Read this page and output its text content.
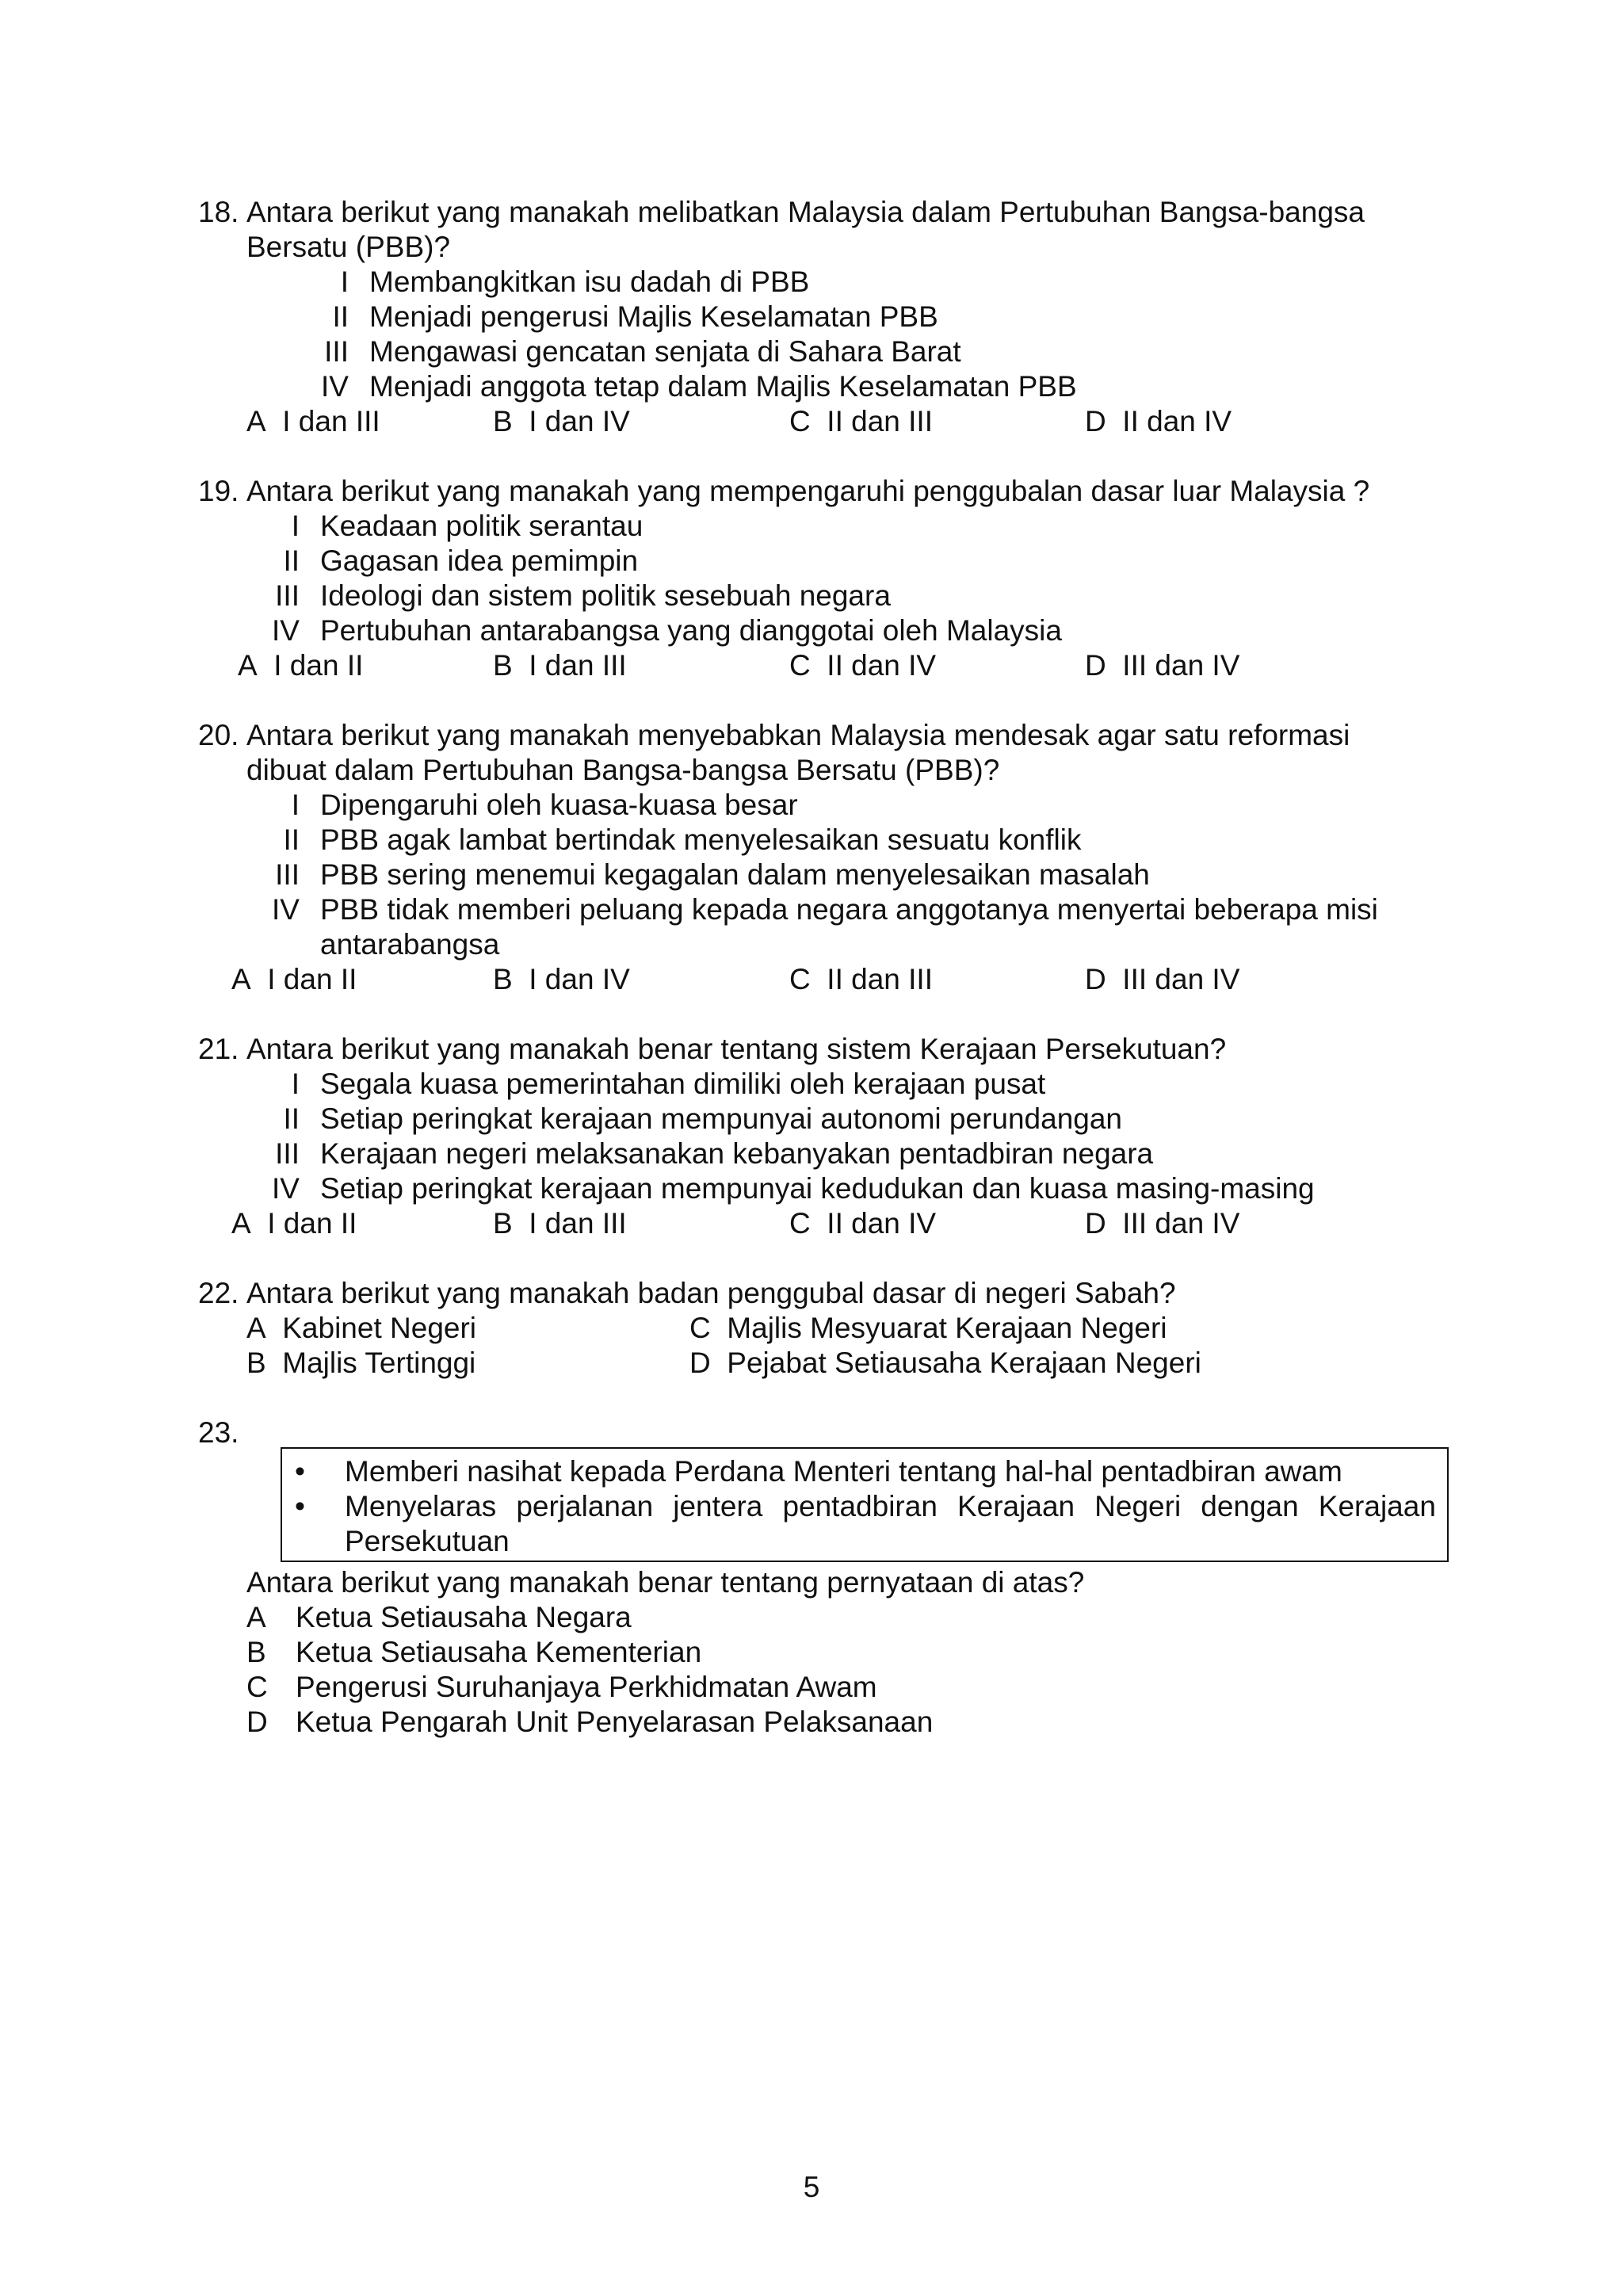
18. Antara berikut yang manakah melibatkan Malaysia dalam Pertubuhan Bangsa-bangsa
Bersatu (PBB)?
I Membangkitkan isu dadah di PBB
II Menjadi pengerusi Majlis Keselamatan PBB
III Mengawasi gencatan senjata di Sahara Barat
IV Menjadi anggota tetap dalam Majlis Keselamatan PBB
A I dan III	B I dan IV	C II dan III	D II dan IV
19. Antara berikut yang manakah yang mempengaruhi penggubalan dasar luar Malaysia ?
I Keadaan politik serantau
II Gagasan idea pemimpin
III Ideologi dan sistem politik sesebuah negara
IV Pertubuhan antarabangsa yang dianggotai oleh Malaysia
A I dan II	B I dan III	C II dan IV	D III dan IV
20. Antara berikut yang manakah menyebabkan Malaysia mendesak agar satu reformasi
dibuat dalam Pertubuhan Bangsa-bangsa Bersatu (PBB)?
I Dipengaruhi oleh kuasa-kuasa besar
II PBB agak lambat bertindak menyelesaikan sesuatu konflik
III PBB sering menemui kegagalan dalam menyelesaikan masalah
IV PBB tidak memberi peluang kepada negara anggotanya menyertai beberapa misi
antarabangsa
A I dan II	B I dan IV	C II dan III	D III dan IV
21. Antara berikut yang manakah benar tentang sistem Kerajaan Persekutuan?
I Segala kuasa pemerintahan dimiliki oleh kerajaan pusat
II Setiap peringkat kerajaan mempunyai autonomi perundangan
III Kerajaan negeri melaksanakan kebanyakan pentadbiran negara
IV Setiap peringkat kerajaan mempunyai kedudukan dan kuasa masing-masing
A I dan II	B I dan III	C II dan IV	D III dan IV
22. Antara berikut yang manakah badan penggubal dasar di negeri Sabah?
A Kabinet Negeri
B Majlis Tertinggi
C Majlis Mesyuarat Kerajaan Negeri
D Pejabat Setiausaha Kerajaan Negeri
23.
• Memberi nasihat kepada Perdana Menteri tentang hal-hal pentadbiran awam
• Menyelaras perjalanan jentera pentadbiran Kerajaan Negeri dengan Kerajaan
Persekutuan
Antara berikut yang manakah benar tentang pernyataan di atas?
A Ketua Setiausaha Negara
B Ketua Setiausaha Kementerian
C Pengerusi Suruhanjaya Perkhidmatan Awam
D Ketua Pengarah Unit Penyelarasan Pelaksanaan
5
